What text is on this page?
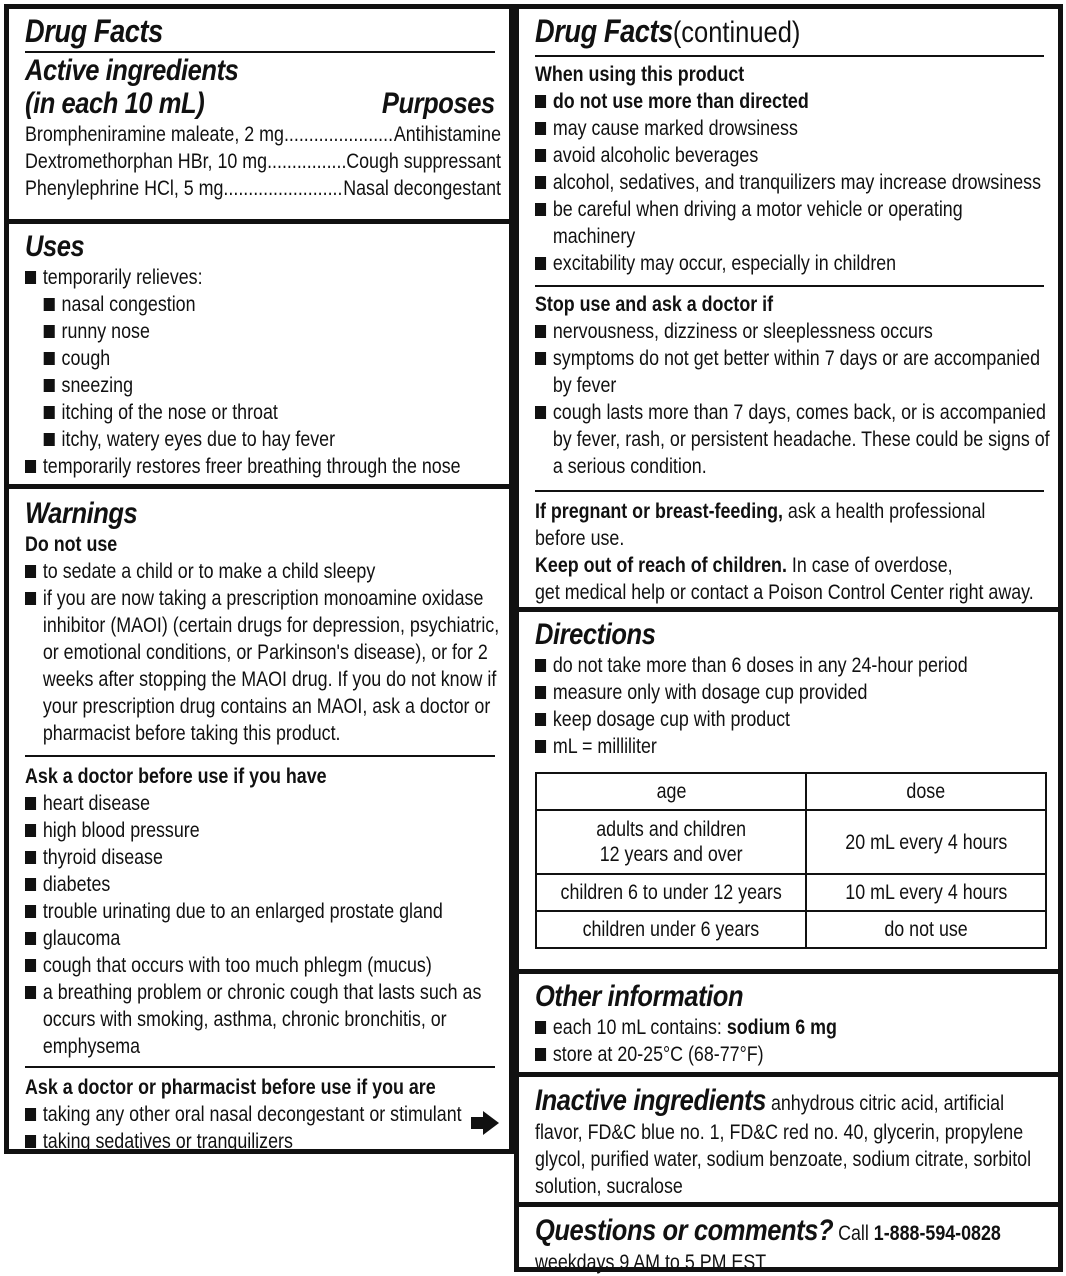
Drug Facts
Active ingredients
(in each 10 mL)	Purposes
Brompheniramine maleate, 2 mg .....	Antihistamine
Dextromethorphan HBr, 10 mg .....	Cough suppressant
Phenylephrine HCl, 5 mg .....	Nasal decongestant
Uses

temporarily relieves:
nasal congestion
runny nose
cough
sneezing
itching of the nose or throat
itchy, watery eyes due to hay fever
temporarily restores freer breathing through the nose
Warnings

Do not use
to sedate a child or to make a child sleepy
if you are now taking a prescription monoamine oxidase
inhibitor (MAOI) (certain drugs for depression, psychiatric,
or emotional conditions, or Parkinson's disease), or for 2
weeks after stopping the MAOI drug. If you do not know if
your prescription drug contains an MAOI, ask a doctor or
pharmacist before taking this product.
Ask a doctor before use if you have
heart disease
high blood pressure
thyroid disease
diabetes
trouble urinating due to an enlarged prostate gland
glaucoma
cough that occurs with too much phlegm (mucus)
a breathing problem or chronic cough that lasts such as
occurs with smoking, asthma, chronic bronchitis, or
emphysema
Ask a doctor or pharmacist before use if you are
taking any other oral nasal decongestant or stimulant
taking sedatives or tranquilizers
Drug Facts(continued)
When using this product
do not use more than directed
may cause marked drowsiness
avoid alcoholic beverages
alcohol, sedatives, and tranquilizers may increase drowsiness
be careful when driving a motor vehicle or operating
machinery
excitability may occur, especially in children
Stop use and ask a doctor if
nervousness, dizziness or sleeplessness occurs
symptoms do not get better within 7 days or are accompanied
by fever
cough lasts more than 7 days, comes back, or is accompanied
by fever, rash, or persistent headache. These could be signs of
a serious condition.
If pregnant or breast-feeding, ask a health professional
before use.
Keep out of reach of children. In case of overdose,
get medical help or contact a Poison Control Center right away.
Directions

do not take more than 6 doses in any 24-hour period
measure only with dosage cup provided
keep dosage cup with product
mL = milliliter
age	dose

adults and children
12 years and over	20 mL every 4 hours
children 6 to under 12 years	10 mL every 4 hours
children under 6 years	do not use
Other information

each 10 mL contains: sodium 6 mg
store at 20-25°C (68-77°F)
Inactive ingredients anhydrous citric acid, artificial
flavor, FD&C blue no. 1, FD&C red no. 40, glycerin, propylene
glycol, purified water, sodium benzoate, sodium citrate, sorbitol
solution, sucralose
Questions or comments? Call 1-888-594-0828
weekdays 9 AM to 5 PM EST
